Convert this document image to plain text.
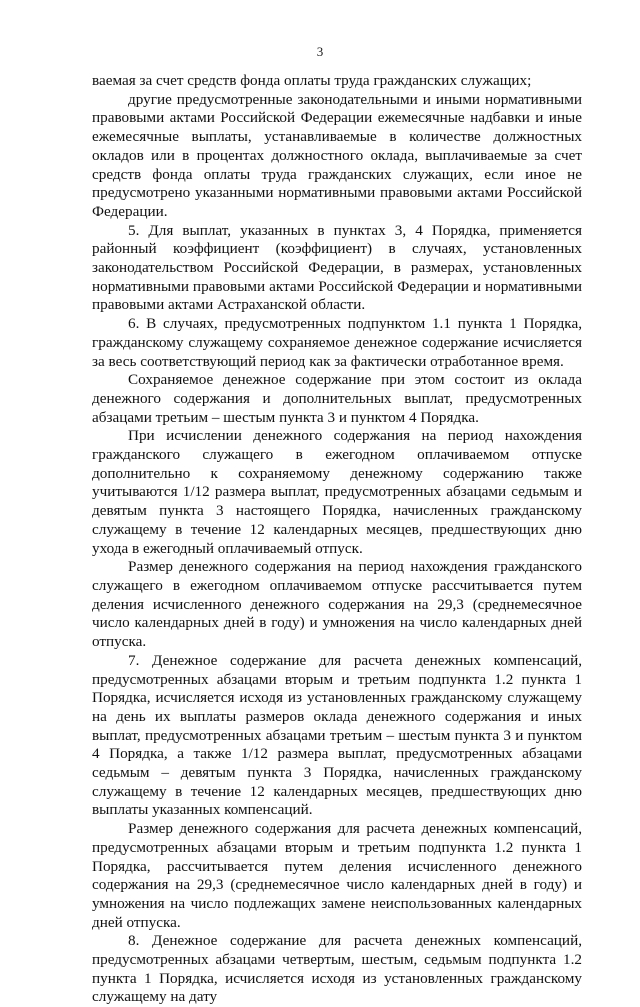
3

ваемая за счет средств фонда оплаты труда гражданских служащих;

другие предусмотренные законодательными и иными нормативными правовыми актами Российской Федерации ежемесячные надбавки и иные ежемесячные выплаты, устанавливаемые в количестве должностных окладов или в процентах должностного оклада, выплачиваемые за счет средств фонда оплаты труда гражданских служащих, если иное не предусмотрено указанными нормативными правовыми актами Российской Федерации.

5. Для выплат, указанных в пунктах 3, 4 Порядка, применяется районный коэффициент (коэффициент) в случаях, установленных законодательством Российской Федерации, в размерах, установленных нормативными правовыми актами Российской Федерации и нормативными правовыми актами Астраханской области.

6. В случаях, предусмотренных подпунктом 1.1 пункта 1 Порядка, гражданскому служащему сохраняемое денежное содержание исчисляется за весь соответствующий период как за фактически отработанное время.

Сохраняемое денежное содержание при этом состоит из оклада денежного содержания и дополнительных выплат, предусмотренных абзацами третьим – шестым пункта 3 и пунктом 4 Порядка.

При исчислении денежного содержания на период нахождения гражданского служащего в ежегодном оплачиваемом отпуске дополнительно к сохраняемому денежному содержанию также учитываются 1/12 размера выплат, предусмотренных абзацами седьмым и девятым пункта 3 настоящего Порядка, начисленных гражданскому служащему в течение 12 календарных месяцев, предшествующих дню ухода в ежегодный оплачиваемый отпуск.

Размер денежного содержания на период нахождения гражданского служащего в ежегодном оплачиваемом отпуске рассчитывается путем деления исчисленного денежного содержания на 29,3 (среднемесячное число календарных дней в году) и умножения на число календарных дней отпуска.

7. Денежное содержание для расчета денежных компенсаций, предусмотренных абзацами вторым и третьим подпункта 1.2 пункта 1 Порядка, исчисляется исходя из установленных гражданскому служащему на день их выплаты размеров оклада денежного содержания и иных выплат, предусмотренных абзацами третьим – шестым пункта 3 и пунктом 4 Порядка, а также 1/12 размера выплат, предусмотренных абзацами седьмым – девятым пункта 3 Порядка, начисленных гражданскому служащему в течение 12 календарных месяцев, предшествующих дню выплаты указанных компенсаций.

Размер денежного содержания для расчета денежных компенсаций, предусмотренных абзацами вторым и третьим подпункта 1.2 пункта 1 Порядка, рассчитывается путем деления исчисленного денежного содержания на 29,3 (среднемесячное число календарных дней в году) и умножения на число подлежащих замене неиспользованных календарных дней отпуска.

8. Денежное содержание для расчета денежных компенсаций, предусмотренных абзацами четвертым, шестым, седьмым подпункта 1.2 пункта 1 Порядка, исчисляется исходя из установленных гражданскому служащему на дату
